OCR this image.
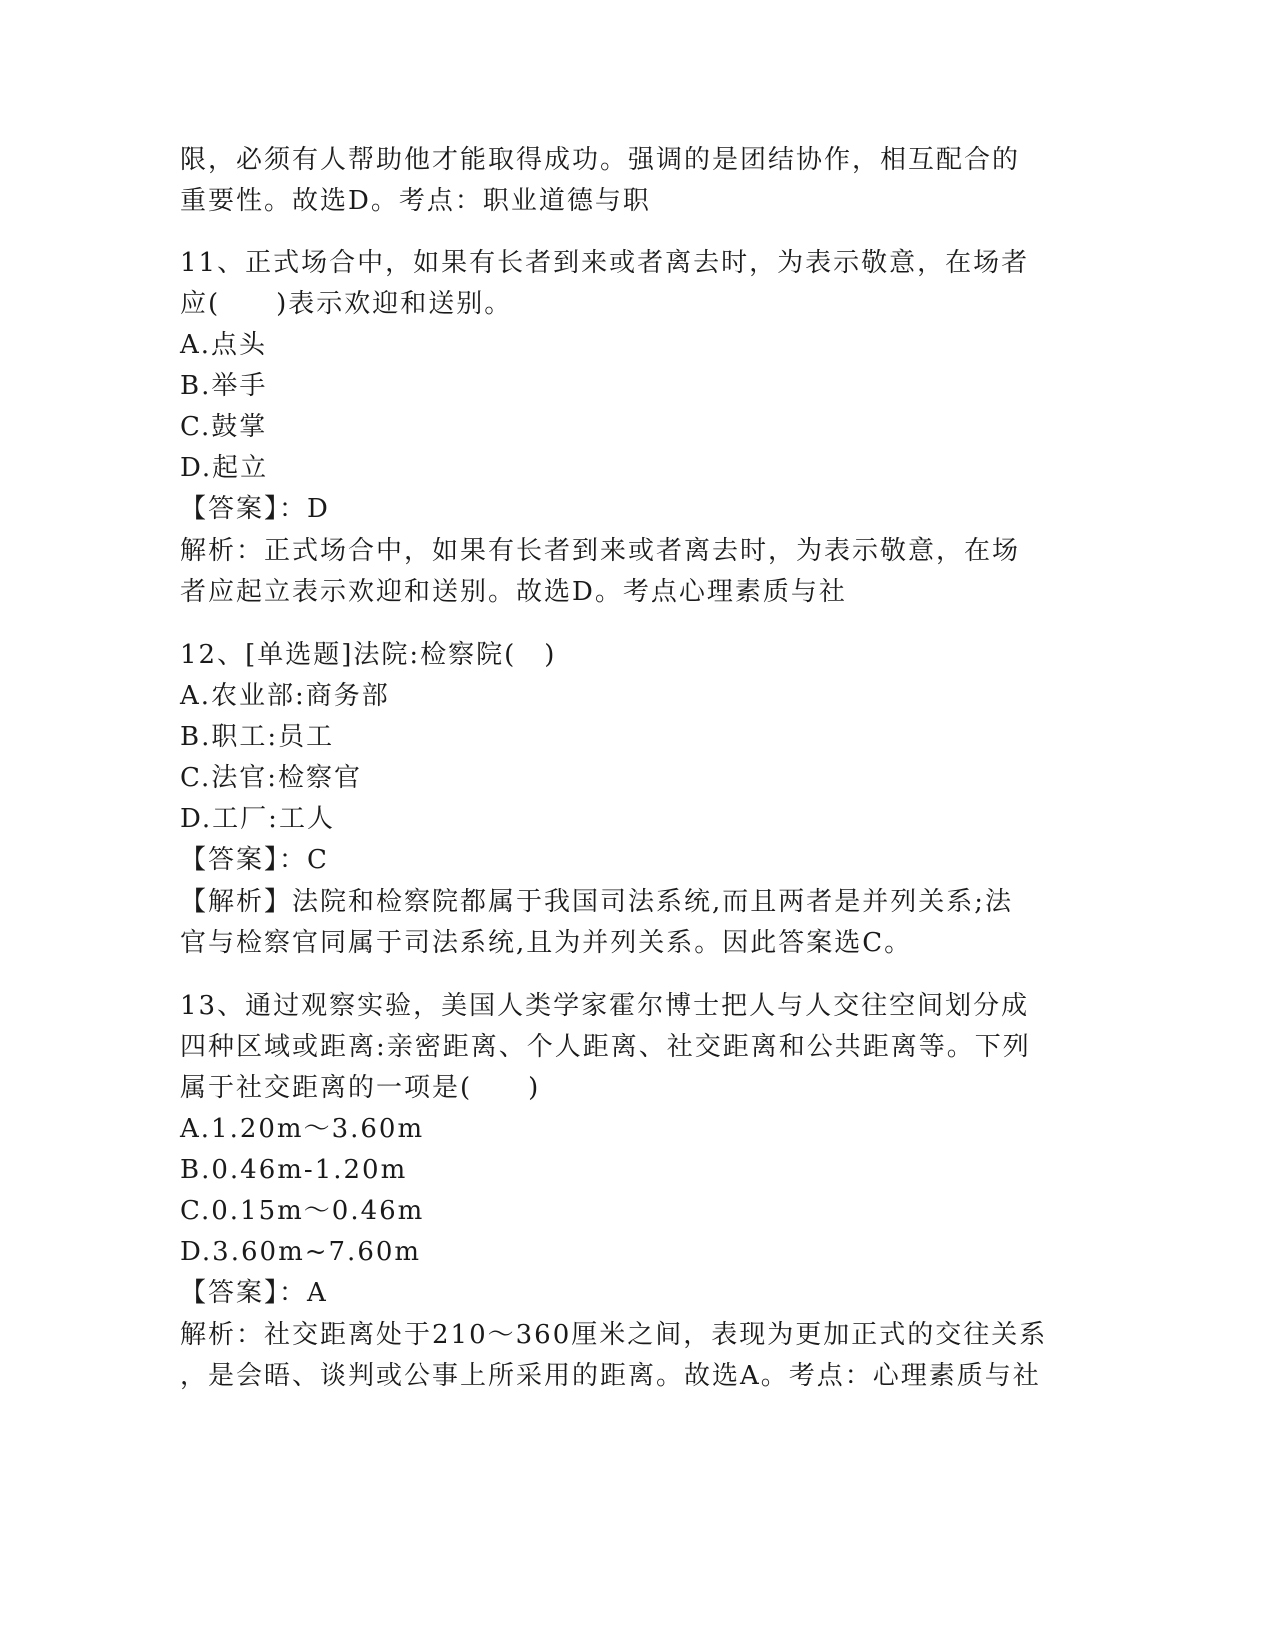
限，必须有人帮助他才能取得成功。强调的是团结协作，相互配合的
重要性。故选D。考点：职业道德与职
11、正式场合中，如果有长者到来或者离去时，为表示敬意，在场者
应(　　)表示欢迎和送别。
A.点头
B.举手
C.鼓掌
D.起立
【答案】：D
解析：正式场合中，如果有长者到来或者离去时，为表示敬意，在场
者应起立表示欢迎和送别。故选D。考点心理素质与社
12、[单选题]法院:检察院(　)
A.农业部:商务部
B.职工:员工
C.法官:检察官
D.工厂:工人
【答案】：C
【解析】法院和检察院都属于我国司法系统,而且两者是并列关系;法
官与检察官同属于司法系统,且为并列关系。因此答案选C。
13、通过观察实验，美国人类学家霍尔博士把人与人交往空间划分成
四种区域或距离:亲密距离、个人距离、社交距离和公共距离等。下列
属于社交距离的一项是(　　)
A.1.20m～3.60m
B.0.46m-1.20m
C.0.15m～0.46m
D.3.60m~7.60m
【答案】：A
解析：社交距离处于210～360厘米之间，表现为更加正式的交往关系
，是会晤、谈判或公事上所采用的距离。故选A。考点：心理素质与社
